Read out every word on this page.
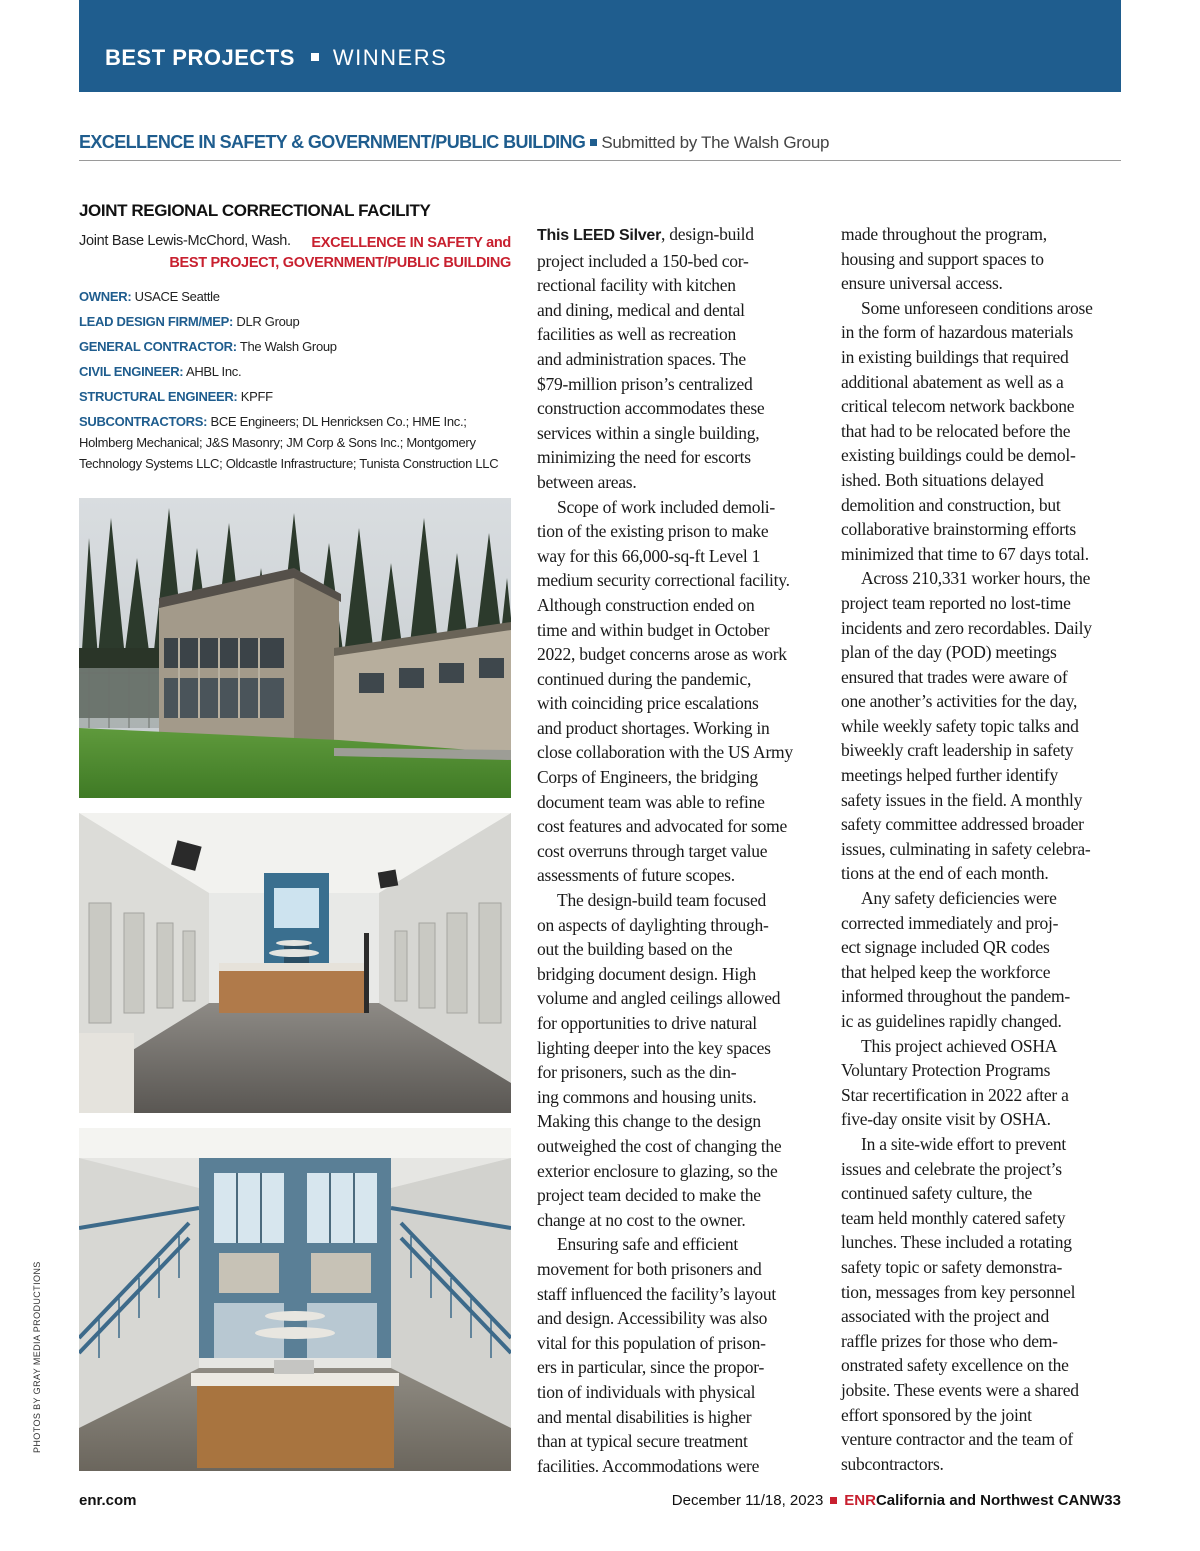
BEST PROJECTS WINNERS
EXCELLENCE IN SAFETY & GOVERNMENT/PUBLIC BUILDING Submitted by The Walsh Group
JOINT REGIONAL CORRECTIONAL FACILITY
Joint Base Lewis-McChord, Wash.	EXCELLENCE IN SAFETY and
BEST PROJECT, GOVERNMENT/PUBLIC BUILDING
OWNER: USACE Seattle
LEAD DESIGN FIRM/MEP: DLR Group
GENERAL CONTRACTOR: The Walsh Group
CIVIL ENGINEER: AHBL Inc.
STRUCTURAL ENGINEER: KPFF
SUBCONTRACTORS: BCE Engineers; DL Henricksen Co.; HME Inc.; Holmberg Mechanical; J&S Masonry; JM Corp & Sons Inc.; Montgomery Technology Systems LLC; Oldcastle Infrastructure; Tunista Construction LLC
PHOTOS BY GRAY MEDIA PRODUCTIONS

This LEED Silver, design-build
project included a 150-bed cor-
rectional facility with kitchen
and dining, medical and dental
facilities as well as recreation
and administration spaces. The
$79-million prison’s centralized
construction accommodates these
services within a single building,
minimizing the need for escorts
between areas.

Scope of work included demoli-
tion of the existing prison to make
way for this 66,000-sq-ft Level 1
medium security correctional facility.
Although construction ended on
time and within budget in October
2022, budget concerns arose as work
continued during the pandemic,
with coinciding price escalations
and product shortages. Working in
close collaboration with the US Army
Corps of Engineers, the bridging
document team was able to refine
cost features and advocated for some
cost overruns through target value
assessments of future scopes.

The design-build team focused
on aspects of daylighting through-
out the building based on the
bridging document design. High
volume and angled ceilings allowed
for opportunities to drive natural
lighting deeper into the key spaces
for prisoners, such as the din-
ing commons and housing units.
Making this change to the design
outweighed the cost of changing the
exterior enclosure to glazing, so the
project team decided to make the
change at no cost to the owner.

Ensuring safe and efficient
movement for both prisoners and
staff influenced the facility’s layout
and design. Accessibility was also
vital for this population of prison-
ers in particular, since the propor-
tion of individuals with physical
and mental disabilities is higher
than at typical secure treatment
facilities. Accommodations were

made throughout the program,
housing and support spaces to
ensure universal access.

Some unforeseen conditions arose
in the form of hazardous materials
in existing buildings that required
additional abatement as well as a
critical telecom network backbone
that had to be relocated before the
existing buildings could be demol-
ished. Both situations delayed
demolition and construction, but
collaborative brainstorming efforts
minimized that time to 67 days total.

Across 210,331 worker hours, the
project team reported no lost-time
incidents and zero recordables. Daily
plan of the day (POD) meetings
ensured that trades were aware of
one another’s activities for the day,
while weekly safety topic talks and
biweekly craft leadership in safety
meetings helped further identify
safety issues in the field. A monthly
safety committee addressed broader
issues, culminating in safety celebra-
tions at the end of each month.

Any safety deficiencies were
corrected immediately and proj-
ect signage included QR codes
that helped keep the workforce
informed throughout the pandem-
ic as guidelines rapidly changed.

This project achieved OSHA
Voluntary Protection Programs
Star recertification in 2022 after a
five-day onsite visit by OSHA.

In a site-wide effort to prevent
issues and celebrate the project’s
continued safety culture, the
team held monthly catered safety
lunches. These included a rotating
safety topic or safety demonstra-
tion, messages from key personnel
associated with the project and
raffle prizes for those who dem-
onstrated safety excellence on the
jobsite. These events were a shared
effort sponsored by the joint
venture contractor and the team of
subcontractors.

enr.com	December 11/18, 2023 ENRCalifornia and Northwest CANW33
